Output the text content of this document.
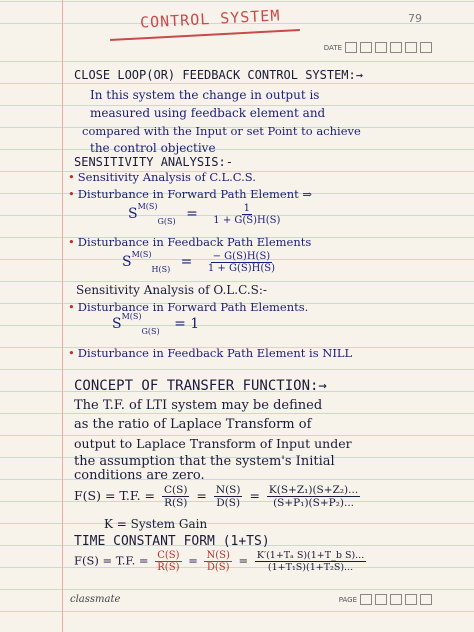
CONTROL SYSTEM	79
DATE
CLOSE LOOP(OR) FEEDBACK CONTROL SYSTEM:→
In this system the change in output is
measured using feedback element and
compared with the Input or set Point to achieve
the control objective
SENSITIVITY ANALYSIS:-
• Sensitivity Analysis of C.L.C.S.
• Disturbance in Forward Path Element ⇒
$S^{M(S)}_{G(S)} = \frac{1}{1 + G(S)H(S)}$
• Disturbance in Feedback Path Elements
$S^{M(S)}_{H(S)} = \frac{- G(S)H(S)}{1 + G(S)H(S)}$
Sensitivity Analysis of O.L.C.S:-
• Disturbance in Forward Path Elements.
$S^{M(S)}_{G(S)} = 1$
• Disturbance in Feedback Path Element is NILL
CONCEPT OF TRANSFER FUNCTION:→
The T.F. of LTI system may be defined
as the ratio of Laplace Transform of
output to Laplace Transform of Input under
the assumption that the system's Initial
conditions are zero.
F(S) = T.F. = $\frac{C(S)}{R(S)} = \frac{N(S)}{D(S)} = \frac{\text{K(S+Z₁)(S+Z₂)...}}{\text{(S+P₁)(S+P₂)...}}$
K = System Gain
TIME CONSTANT FORM (1+TS)
F(S) = T.F. = $\frac{C(S)}{R(S)} = \frac{N(S)}{D(S)} = \frac{\text{K′(1+Tₐ S)(1+T\_b S)...}}{\text{(1+T₁S)(1+T₂S)...}}$
classmate	PAGE
